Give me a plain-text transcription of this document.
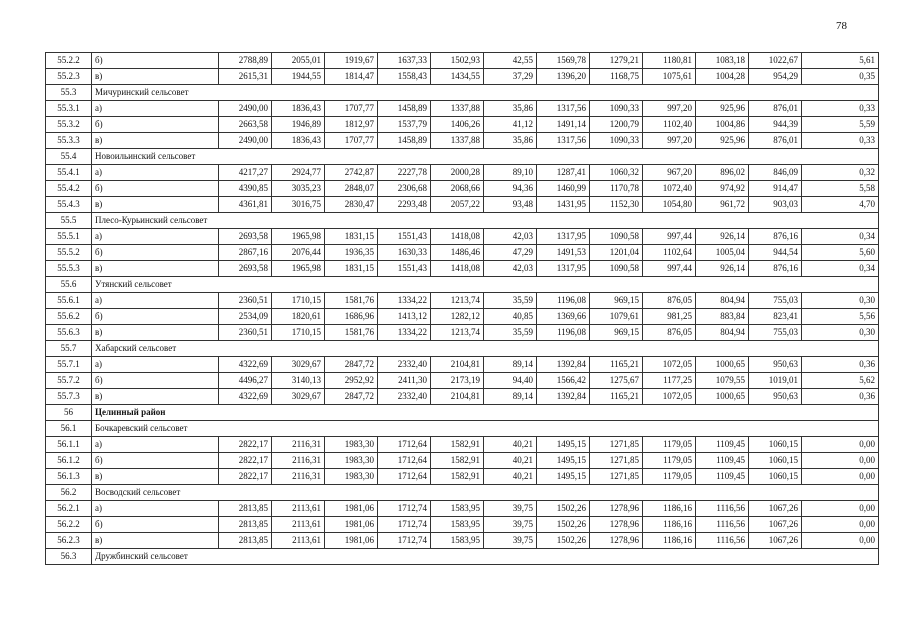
78
55.2.2	б)	2788,89	2055,01	1919,67	1637,33	1502,93	42,55	1569,78	1279,21	1180,81	1083,18	1022,67	5,61
55.2.3	в)	2615,31	1944,55	1814,47	1558,43	1434,55	37,29	1396,20	1168,75	1075,61	1004,28	954,29	0,35
55.3	Мичуринский сельсовет												
55.3.1	а)	2490,00	1836,43	1707,77	1458,89	1337,88	35,86	1317,56	1090,33	997,20	925,96	876,01	0,33
55.3.2	б)	2663,58	1946,89	1812,97	1537,79	1406,26	41,12	1491,14	1200,79	1102,40	1004,86	944,39	5,59
55.3.3	в)	2490,00	1836,43	1707,77	1458,89	1337,88	35,86	1317,56	1090,33	997,20	925,96	876,01	0,33
55.4	Новоильинский сельсовет												
55.4.1	а)	4217,27	2924,77	2742,87	2227,78	2000,28	89,10	1287,41	1060,32	967,20	896,02	846,09	0,32
55.4.2	б)	4390,85	3035,23	2848,07	2306,68	2068,66	94,36	1460,99	1170,78	1072,40	974,92	914,47	5,58
55.4.3	в)	4361,81	3016,75	2830,47	2293,48	2057,22	93,48	1431,95	1152,30	1054,80	961,72	903,03	4,70
55.5	Плесо-Курьинский сельсовет												
55.5.1	а)	2693,58	1965,98	1831,15	1551,43	1418,08	42,03	1317,95	1090,58	997,44	926,14	876,16	0,34
55.5.2	б)	2867,16	2076,44	1936,35	1630,33	1486,46	47,29	1491,53	1201,04	1102,64	1005,04	944,54	5,60
55.5.3	в)	2693,58	1965,98	1831,15	1551,43	1418,08	42,03	1317,95	1090,58	997,44	926,14	876,16	0,34
55.6	Утянский сельсовет												
55.6.1	а)	2360,51	1710,15	1581,76	1334,22	1213,74	35,59	1196,08	969,15	876,05	804,94	755,03	0,30
55.6.2	б)	2534,09	1820,61	1686,96	1413,12	1282,12	40,85	1369,66	1079,61	981,25	883,84	823,41	5,56
55.6.3	в)	2360,51	1710,15	1581,76	1334,22	1213,74	35,59	1196,08	969,15	876,05	804,94	755,03	0,30
55.7	Хабарский сельсовет												
55.7.1	а)	4322,69	3029,67	2847,72	2332,40	2104,81	89,14	1392,84	1165,21	1072,05	1000,65	950,63	0,36
55.7.2	б)	4496,27	3140,13	2952,92	2411,30	2173,19	94,40	1566,42	1275,67	1177,25	1079,55	1019,01	5,62
55.7.3	в)	4322,69	3029,67	2847,72	2332,40	2104,81	89,14	1392,84	1165,21	1072,05	1000,65	950,63	0,36
56	Целинный район												
56.1	Бочкаревский сельсовет												
56.1.1	а)	2822,17	2116,31	1983,30	1712,64	1582,91	40,21	1495,15	1271,85	1179,05	1109,45	1060,15	0,00
56.1.2	б)	2822,17	2116,31	1983,30	1712,64	1582,91	40,21	1495,15	1271,85	1179,05	1109,45	1060,15	0,00
56.1.3	в)	2822,17	2116,31	1983,30	1712,64	1582,91	40,21	1495,15	1271,85	1179,05	1109,45	1060,15	0,00
56.2	Восводский сельсовет												
56.2.1	а)	2813,85	2113,61	1981,06	1712,74	1583,95	39,75	1502,26	1278,96	1186,16	1116,56	1067,26	0,00
56.2.2	б)	2813,85	2113,61	1981,06	1712,74	1583,95	39,75	1502,26	1278,96	1186,16	1116,56	1067,26	0,00
56.2.3	в)	2813,85	2113,61	1981,06	1712,74	1583,95	39,75	1502,26	1278,96	1186,16	1116,56	1067,26	0,00
56.3	Дружбинский сельсовет												
